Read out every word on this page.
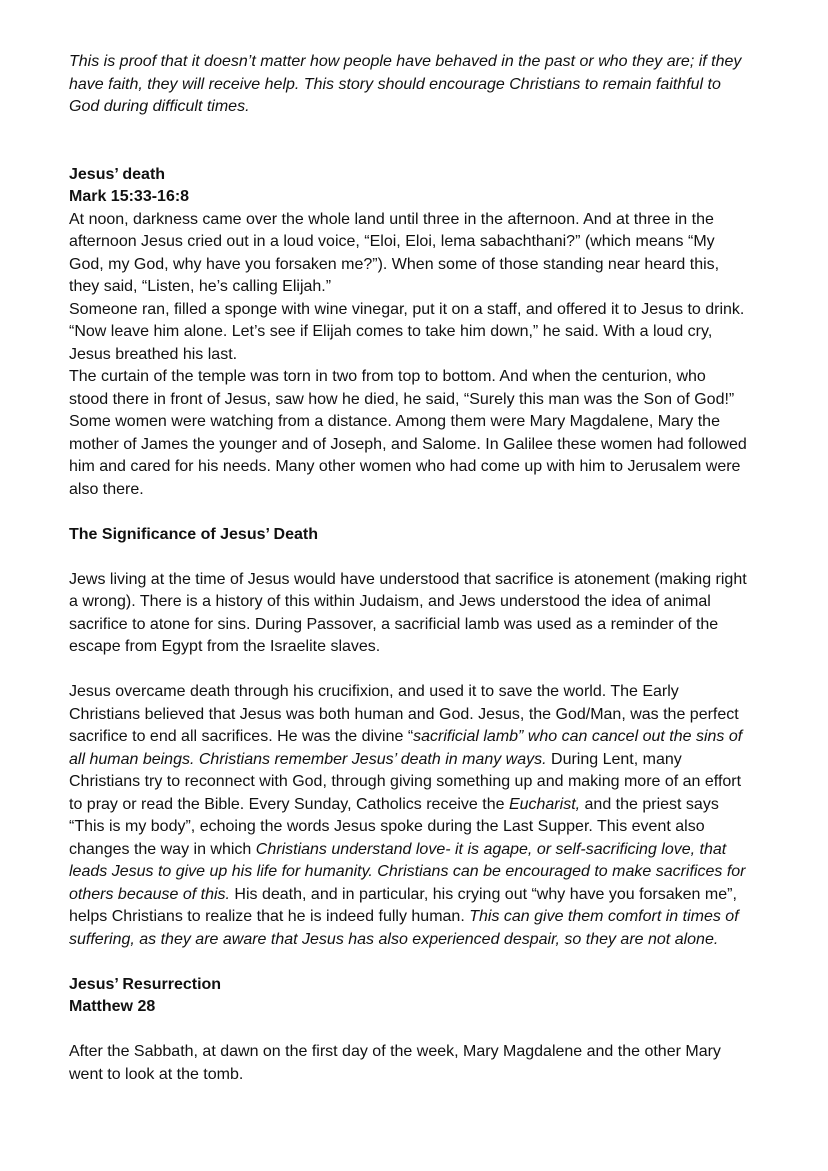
This is proof that it doesn’t matter how people have behaved in the past or who they are; if they
have faith, they will receive help. This story should encourage Christians to remain faithful to
God during difficult times.
Jesus’ death
Mark 15:33-16:8
At noon, darkness came over the whole land until three in the afternoon. And at three in the
afternoon Jesus cried out in a loud voice, “Eloi, Eloi, lema sabachthani?” (which means “My
God, my God, why have you forsaken me?”). When some of those standing near heard this,
they said, “Listen, he’s calling Elijah.”
Someone ran, filled a sponge with wine vinegar, put it on a staff, and offered it to Jesus to drink.
“Now leave him alone. Let’s see if Elijah comes to take him down,” he said. With a loud cry,
Jesus breathed his last.
The curtain of the temple was torn in two from top to bottom. And when the centurion, who
stood there in front of Jesus, saw how he died, he said, “Surely this man was the Son of God!”
Some women were watching from a distance. Among them were Mary Magdalene, Mary the
mother of James the younger and of Joseph, and Salome. In Galilee these women had followed
him and cared for his needs. Many other women who had come up with him to Jerusalem were
also there.
The Significance of Jesus’ Death
Jews living at the time of Jesus would have understood that sacrifice is atonement (making right
a wrong). There is a history of this within Judaism, and Jews understood the idea of animal
sacrifice to atone for sins. During Passover, a sacrificial lamb was used as a reminder of the
escape from Egypt from the Israelite slaves.
Jesus overcame death through his crucifixion, and used it to save the world. The Early
Christians believed that Jesus was both human and God. Jesus, the God/Man, was the perfect
sacrifice to end all sacrifices. He was the divine “sacrificial lamb” who can cancel out the sins of
all human beings. Christians remember Jesus’ death in many ways. During Lent, many
Christians try to reconnect with God, through giving something up and making more of an effort
to pray or read the Bible. Every Sunday, Catholics receive the Eucharist, and the priest says
“This is my body”, echoing the words Jesus spoke during the Last Supper. This event also
changes the way in which Christians understand love- it is agape, or self-sacrificing love, that
leads Jesus to give up his life for humanity. Christians can be encouraged to make sacrifices for
others because of this. His death, and in particular, his crying out “why have you forsaken me”,
helps Christians to realize that he is indeed fully human. This can give them comfort in times of
suffering, as they are aware that Jesus has also experienced despair, so they are not alone.
Jesus’ Resurrection
Matthew 28
After the Sabbath, at dawn on the first day of the week, Mary Magdalene and the other Mary
went to look at the tomb.
